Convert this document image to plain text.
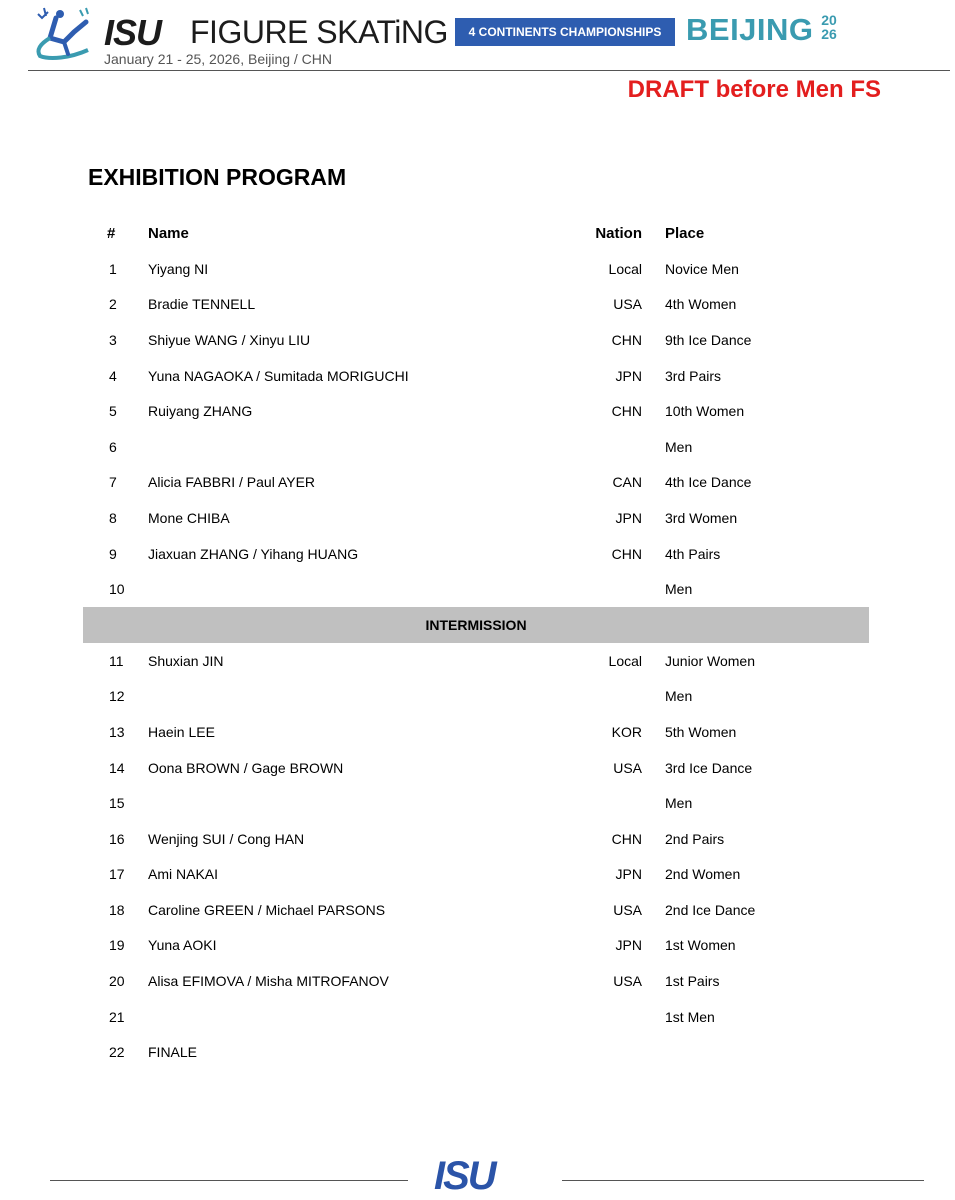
ISU FIGURE SKATiNG	4 CONTINENTS CHAMPIONSHIPS BEIJING 20
26
January 21 - 25, 2026, Beijing / CHN
DRAFT before Men FS
EXHIBITION PROGRAM
#	Name	Nation	Place
1	Yiyang NI	Local	Novice Men
2	Bradie TENNELL	USA	4th Women
3	Shiyue WANG / Xinyu LIU	CHN	9th Ice Dance
4	Yuna NAGAOKA / Sumitada MORIGUCHI	JPN	3rd Pairs
5	Ruiyang ZHANG	CHN	10th Women
6			Men
7	Alicia FABBRI / Paul AYER	CAN	4th Ice Dance
8	Mone CHIBA	JPN	3rd Women
9	Jiaxuan ZHANG / Yihang HUANG	CHN	4th Pairs
10			Men
INTERMISSION			
11	Shuxian JIN	Local	Junior Women
12			Men
13	Haein LEE	KOR	5th Women
14	Oona BROWN / Gage BROWN	USA	3rd Ice Dance
15			Men
16	Wenjing SUI / Cong HAN	CHN	2nd Pairs
17	Ami NAKAI	JPN	2nd Women
18	Caroline GREEN / Michael PARSONS	USA	2nd Ice Dance
19	Yuna AOKI	JPN	1st Women
20	Alisa EFIMOVA / Misha MITROFANOV	USA	1st Pairs
21			1st Men
22	FINALE		
ISU
